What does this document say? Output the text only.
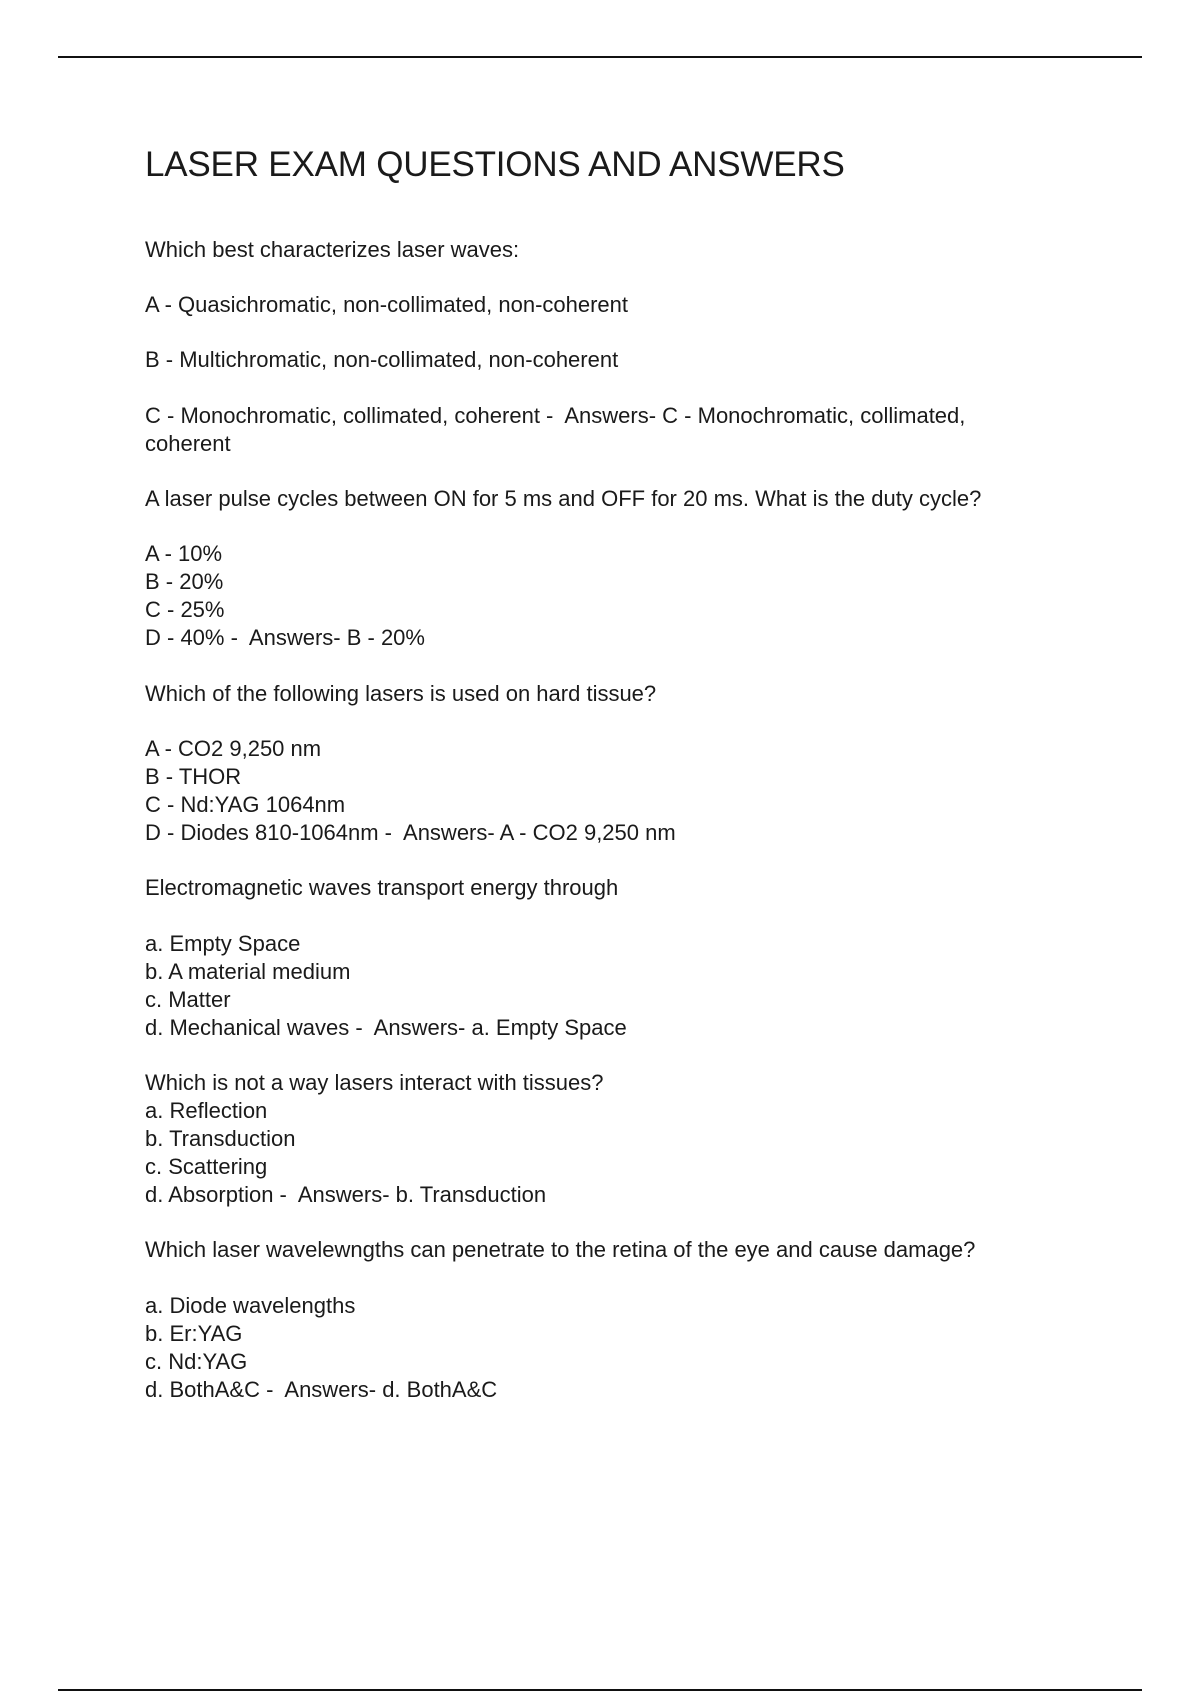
LASER EXAM QUESTIONS AND ANSWERS

Which best characterizes laser waves:

A - Quasichromatic, non-collimated, non-coherent

B - Multichromatic, non-collimated, non-coherent

C - Monochromatic, collimated, coherent -  Answers- C - Monochromatic, collimated,
coherent

A laser pulse cycles between ON for 5 ms and OFF for 20 ms. What is the duty cycle?

A - 10%
B - 20%
C - 25%
D - 40% -  Answers- B - 20%

Which of the following lasers is used on hard tissue?

A - CO2 9,250 nm
B - THOR
C - Nd:YAG 1064nm
D - Diodes 810-1064nm -  Answers- A - CO2 9,250 nm

Electromagnetic waves transport energy through

a. Empty Space
b. A material medium
c. Matter
d. Mechanical waves -  Answers- a. Empty Space

Which is not a way lasers interact with tissues?
a. Reflection
b. Transduction
c. Scattering
d. Absorption -  Answers- b. Transduction

Which laser wavelewngths can penetrate to the retina of the eye and cause damage?

a. Diode wavelengths
b. Er:YAG
c. Nd:YAG
d. BothA&C -  Answers- d. BothA&C
